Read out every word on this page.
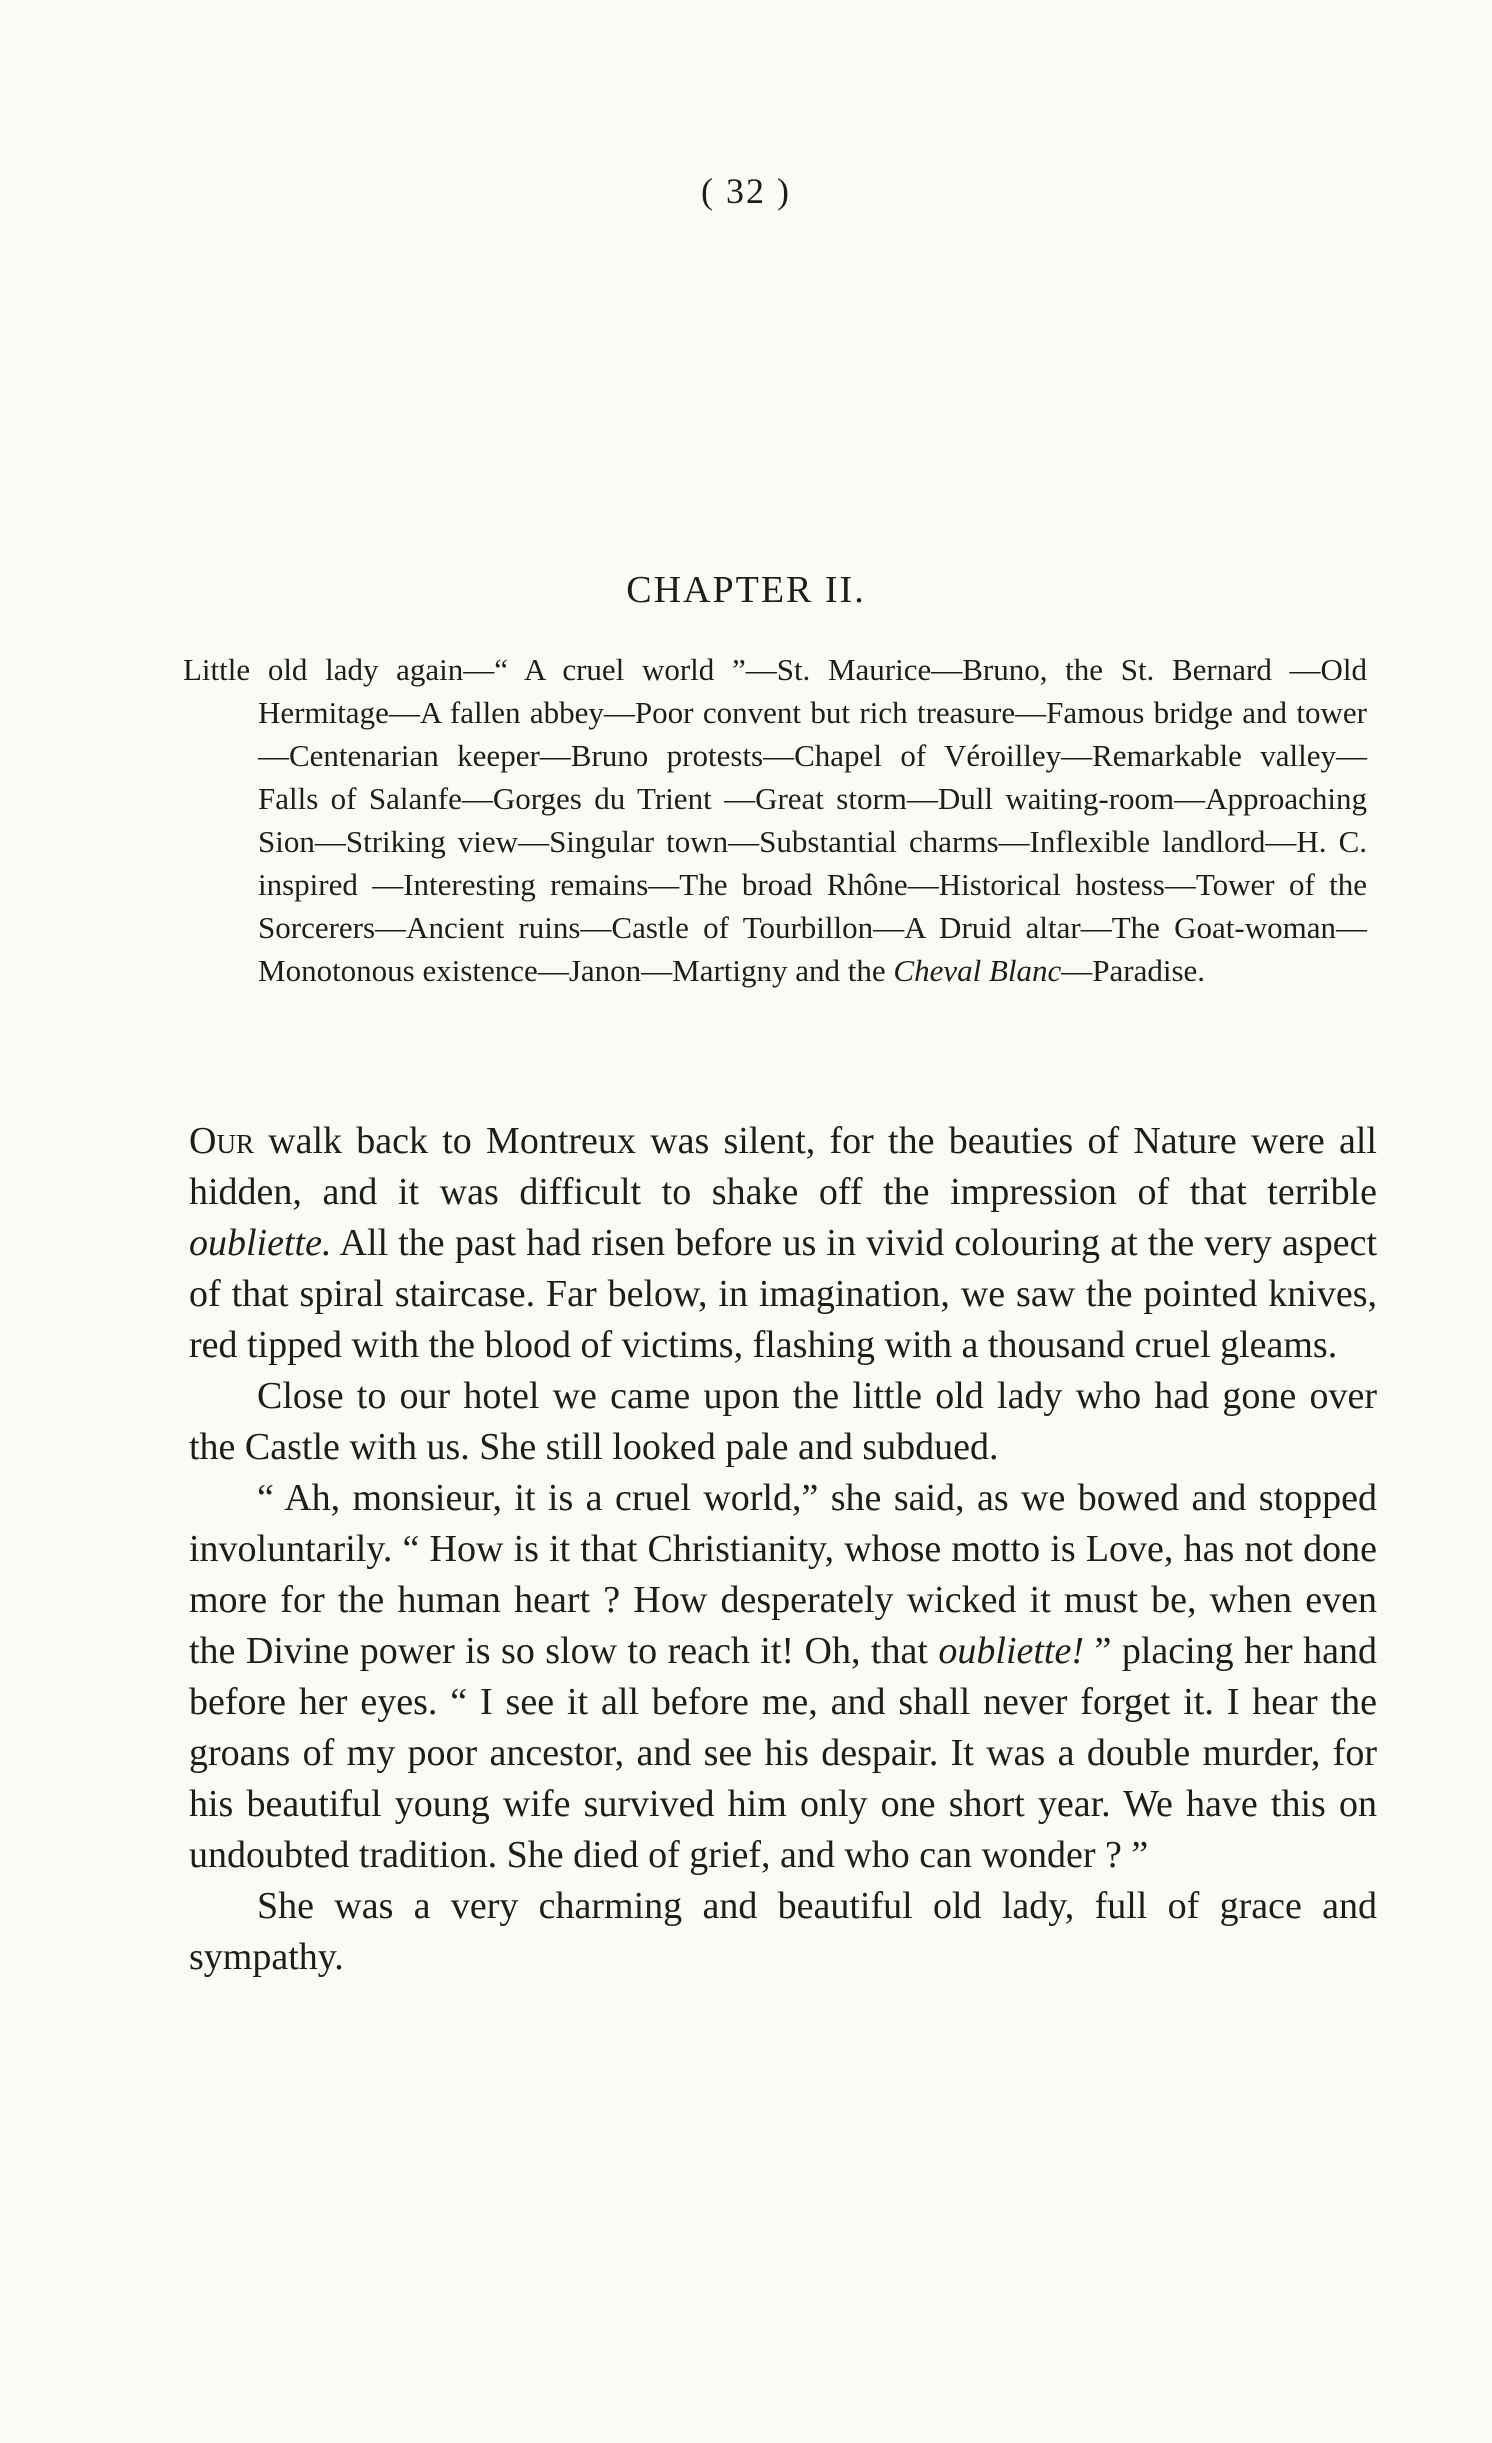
( 32 )
CHAPTER II.
Little old lady again—“ A cruel world ”—St. Maurice—Bruno, the St. Bernard —Old Hermitage—A fallen abbey—Poor convent but rich treasure—Famous bridge and tower—Centenarian keeper—Bruno protests—Chapel of Véroilley—Remarkable valley—Falls of Salanfe—Gorges du Trient —Great storm—Dull waiting-room—Approaching Sion—Striking view—Singular town—Substantial charms—Inflexible landlord—H. C. inspired —Interesting remains—The broad Rhône—Historical hostess—Tower of the Sorcerers—Ancient ruins—Castle of Tourbillon—A Druid altar—The Goat-woman—Monotonous existence—Janon—Martigny and the Cheval Blanc—Paradise.

Our walk back to Montreux was silent, for the beauties of Nature were all hidden, and it was difficult to shake off the impression of that terrible oubliette. All the past had risen before us in vivid colouring at the very aspect of that spiral staircase. Far below, in imagination, we saw the pointed knives, red tipped with the blood of victims, flashing with a thousand cruel gleams.

Close to our hotel we came upon the little old lady who had gone over the Castle with us. She still looked pale and subdued.

“ Ah, monsieur, it is a cruel world,” she said, as we bowed and stopped involuntarily. “ How is it that Christianity, whose motto is Love, has not done more for the human heart ? How desperately wicked it must be, when even the Divine power is so slow to reach it! Oh, that oubliette! ” placing her hand before her eyes. “ I see it all before me, and shall never forget it. I hear the groans of my poor ancestor, and see his despair. It was a double murder, for his beautiful young wife survived him only one short year. We have this on undoubted tradition. She died of grief, and who can wonder ? ”

She was a very charming and beautiful old lady, full of grace and sympathy.
